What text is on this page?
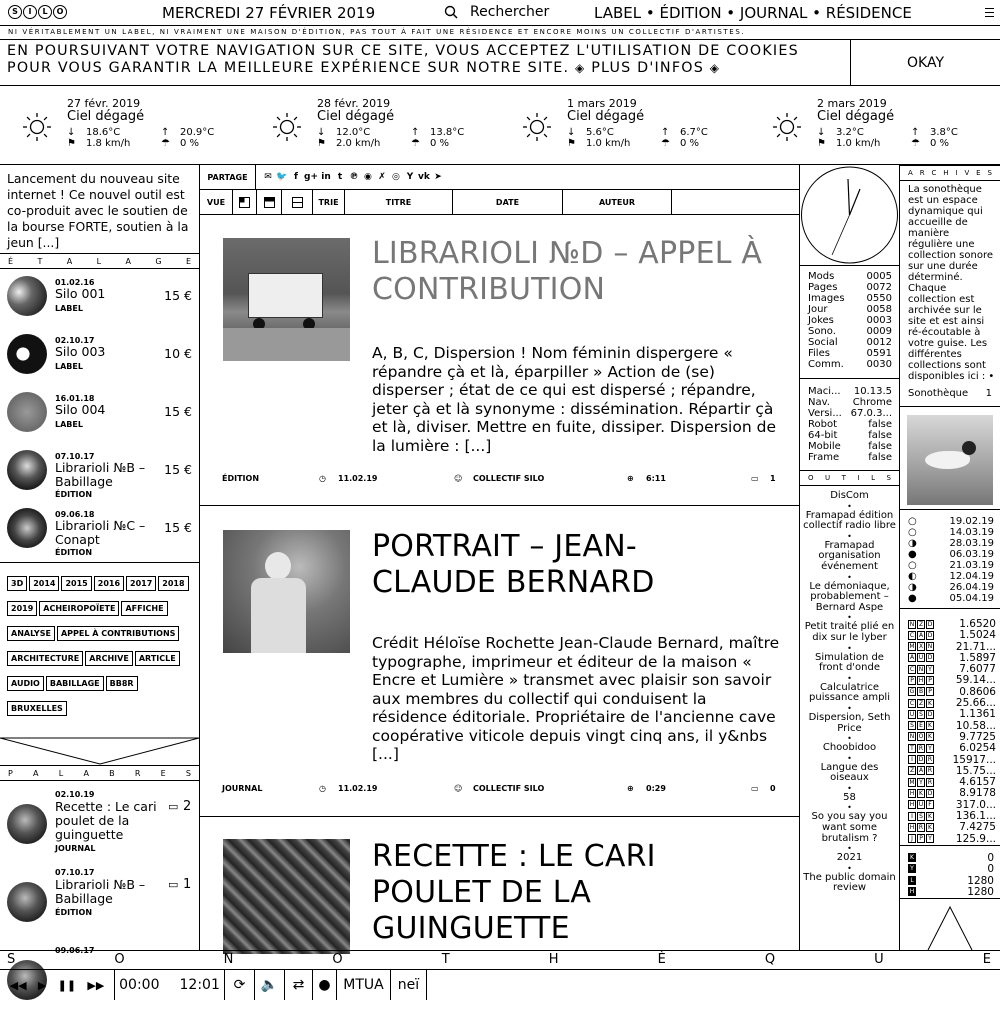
S	I	L	O	MERCREDI 27 FÉVRIER 2019	Rechercher	LABEL • ÉDITION • JOURNAL • RÉSIDENCE
NI VÉRITABLEMENT UN LABEL, NI VRAIMENT UNE MAISON D'ÉDITION, PAS TOUT À FAIT UNE RÉSIDENCE ET ENCORE MOINS UN COLLECTIF D'ARTISTES.
EN POURSUIVANT VOTRE NAVIGATION SUR CE SITE, VOUS ACCEPTEZ L'UTILISATION DE COOKIES
POUR VOUS GARANTIR LA MEILLEURE EXPÉRIENCE SUR NOTRE SITE. ◈ PLUS D'INFOS ◈	OKAY
27 févr. 2019
Ciel dégagé
↓ 18.6°C	↑ 20.9°C
⚑ 1.8 km/h	☂ 0 %
28 févr. 2019
Ciel dégagé
↓ 12.0°C	↑ 13.8°C
⚑ 2.0 km/h	☂ 0 %
1 mars 2019
Ciel dégagé
↓ 5.6°C	↑ 6.7°C
⚑ 1.0 km/h	☂ 0 %
2 mars 2019
Ciel dégagé
↓ 3.2°C	↑ 3.8°C
⚑ 1.0 km/h	☂ 0 %
Lancement du nouveau site internet ! Ce nouvel outil est co-produit avec le soutien de la bourse FORTE, soutien à la jeun [...]
É	T	A	L	A	G	E
01.02.16
Silo 001	15 €
LABEL
02.10.17
Silo 003	10 €
LABEL
16.01.18
Silo 004	15 €
LABEL
07.10.17
Librarioli №B – Babillage
15 €
ÉDITION
09.06.18
Librarioli №C – Conapt
15 €
ÉDITION
3D 2014 2015 2016 2017 20182019 ACHEIROPOÏETE AFFICHEANALYSE APPEL À CONTRIBUTIONSARCHITECTURE ARCHIVE ARTICLEAUDIO BABILLAGE BB8RBRUXELLES
P	A	L	A	B	R	E	S
02.10.19
Recette : Le cari poulet de la guinguette
▭ 2
JOURNAL
07.10.17
Librarioli №B – Babillage
▭ 1
ÉDITION
09.06.17
PARTAGE	✉ 🐦 f g+ in t ℗ ◉ ✗ ◎ Y vk ➤
VUE	TRIE	TITRE	DATE	AUTEUR
LIBRARIOLI №D – APPEL À CONTRIBUTION
A, B, C, Dispersion ! Nom féminin dispergere « répandre çà et là, éparpiller » Action de (se) disperser ; état de ce qui est dispersé ; répandre, jeter çà et là synonyme : dissémination. Répartir çà et là, diviser. Mettre en fuite, dissiper. Dispersion de la lumière : [...]
ÉDITION	◷ 11.02.19	☺ COLLECTIF SILO	⊕ 6:11	▭ 1
PORTRAIT – JEAN-CLAUDE BERNARD
Crédit Héloïse Rochette Jean-Claude Bernard, maître typographe, imprimeur et éditeur de la maison « Encre et Lumière » transmet avec plaisir son savoir aux membres du collectif qui conduisent la résidence éditoriale. Propriétaire de l'ancienne cave coopérative viticole depuis vingt cinq ans, il y&nbs [...]
JOURNAL	◷ 11.02.19	☺ COLLECTIF SILO	⊕ 0:29	▭ 0
RECETTE : LE CARI POULET DE LA GUINGUETTE
Mods	0005
Pages	0072
Images 0550
Jour	0058
Jokes	0003
Sono.	0009
Social	0012
Files	0591
Comm. 0030
Maci... 10.13.5
Nav. Chrome
Versi... 67.0.3...
Robot	false
64-bit	false
Mobile	false
Frame	false
O U T I L S
DisCom
•
Framapad édition collectif radio libre
•
Framapad organisation événement
•
Le démoniaque, probablement – Bernard Aspe
•
Petit traité plié en dix sur le lyber
•
Simulation de front d'onde
•
Calculatrice puissance ampli
•
Dispersion, Seth Price
•
Choobidoo
•
Langue des oiseaux
•
58
•
So you say you want some brutalism ?
•
2021
•
The public domain review
A R C H I V E S
La sonothèque est un espace dynamique qui accueille de manière régulière une collection sonore sur une durée déterminé. Chaque collection est archivée sur le site et est ainsi ré-écoutable à votre guise. Les différentes collections sont disponibles ici : •
Sonothèque 1
○	19.02.19
○	14.03.19
◑	28.03.19
●	06.03.19
○	21.03.19
◐	12.04.19
◑	26.04.19
●	05.04.19
N Z D	1.6520
C A D	1.5024
M X N 21.71...
A U D	1.5897
C N Y	7.6077
P H P	59.14...
G B P	0.8606
C Z K 25.66...
U S D	1.1361
S E K 10.58...
N O K	9.7725
T R Y	6.0254
I D R 15917...
Z A R 15.75...
M Y R	4.6157
H K D	8.9178
H U F	317.0...
I S K 136.1...
H R K	7.4275
J P Y	125.9...
K	0
Y	0
L	1280
H	1280
S	O	N	O	T	H	È	Q	U	E
◀◀ ▶ ❚❚ ▶▶ 00:00 12:01 ⟳	🔈	⇄	● MTUA	neï
